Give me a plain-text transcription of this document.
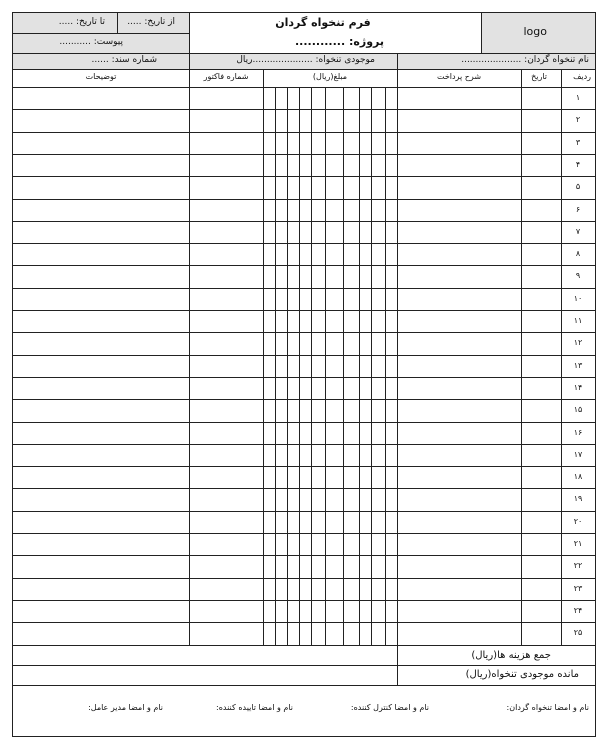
logo
فرم تنخواه گردان
پروژه: ............
از تاریخ: .....
تا تاریخ: .....
پیوست: ...........
شماره سند: ......	نام تنخواه گردان: .....................
موجودی تنخواه: .....................ریال
ردیف
تاریخ
شرح پرداخت
مبلغ(ریال)
شماره فاکتور
توضیحات
۱
۲
۳
۴
۵
۶
۷
۸
۹
۱۰
۱۱
۱۲
۱۳
۱۴
۱۵
۱۶
۱۷
۱۸
۱۹
۲۰
۲۱
۲۲
۲۳
۲۴
۲۵
جمع هزینه ها(ریال)
مانده موجودی تنخواه(ریال)
نام و امضا تنخواه گردان:
نام و امضا کنترل کننده:
نام و امضا تاییده کننده:
نام و امضا مدیر عامل:
